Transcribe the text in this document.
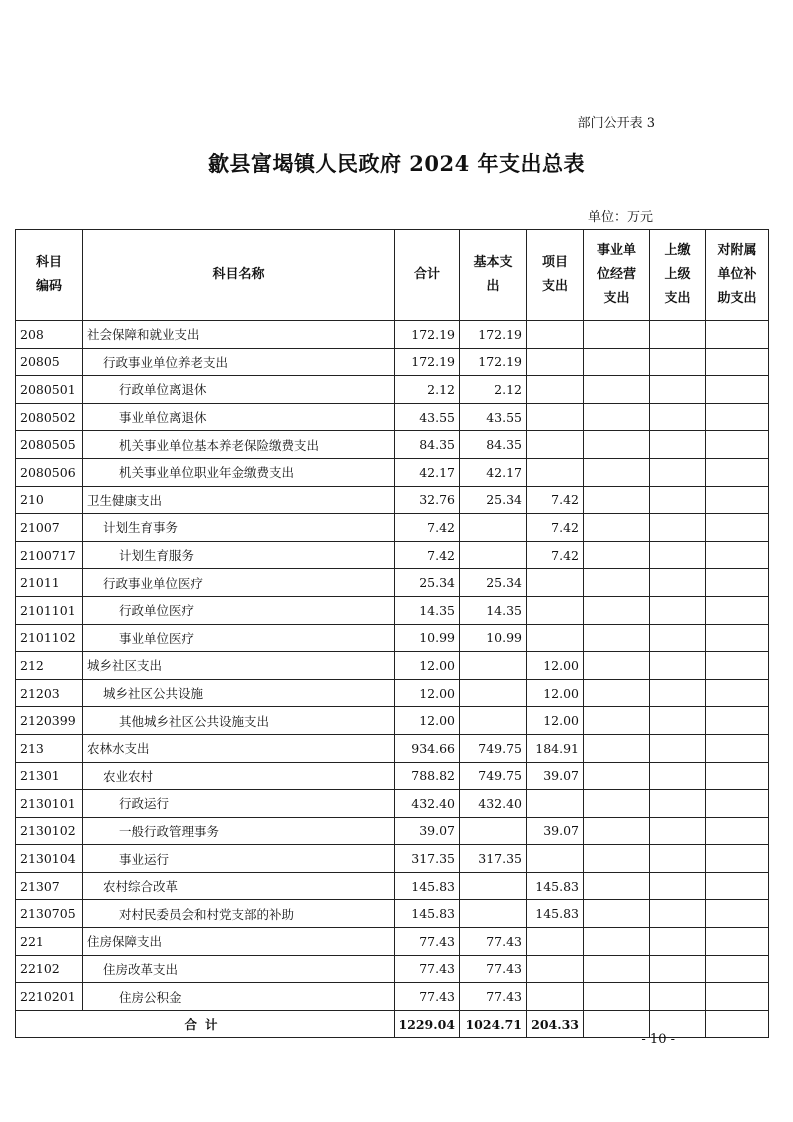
部门公开表 3
歙县富堨镇人民政府 2024 年支出总表
单位：万元
科目编码	科目名称	合计	基本支出	项目支出	事业单位经营支出	上缴上级支出	对附属单位补助支出

208	社会保障和就业支出	172.19	172.19				
20805	行政事业单位养老支出	172.19	172.19				
2080501	行政单位离退休	2.12	2.12				
2080502	事业单位离退休	43.55	43.55				
2080505	机关事业单位基本养老保险缴费支出	84.35	84.35				
2080506	机关事业单位职业年金缴费支出	42.17	42.17				
210	卫生健康支出	32.76	25.34	7.42			
21007	计划生育事务	7.42		7.42			
2100717	计划生育服务	7.42		7.42			
21011	行政事业单位医疗	25.34	25.34				
2101101	行政单位医疗	14.35	14.35				
2101102	事业单位医疗	10.99	10.99				
212	城乡社区支出	12.00		12.00			
21203	城乡社区公共设施	12.00		12.00			
2120399	其他城乡社区公共设施支出	12.00		12.00			
213	农林水支出	934.66	749.75	184.91			
21301	农业农村	788.82	749.75	39.07			
2130101	行政运行	432.40	432.40				
2130102	一般行政管理事务	39.07		39.07			
2130104	事业运行	317.35	317.35				
21307	农村综合改革	145.83		145.83			
2130705	对村民委员会和村党支部的补助	145.83		145.83			
221	住房保障支出	77.43	77.43				
22102	住房改革支出	77.43	77.43				
2210201	住房公积金	77.43	77.43				
合计		1229.04	1024.71	204.33			
- 10 -
